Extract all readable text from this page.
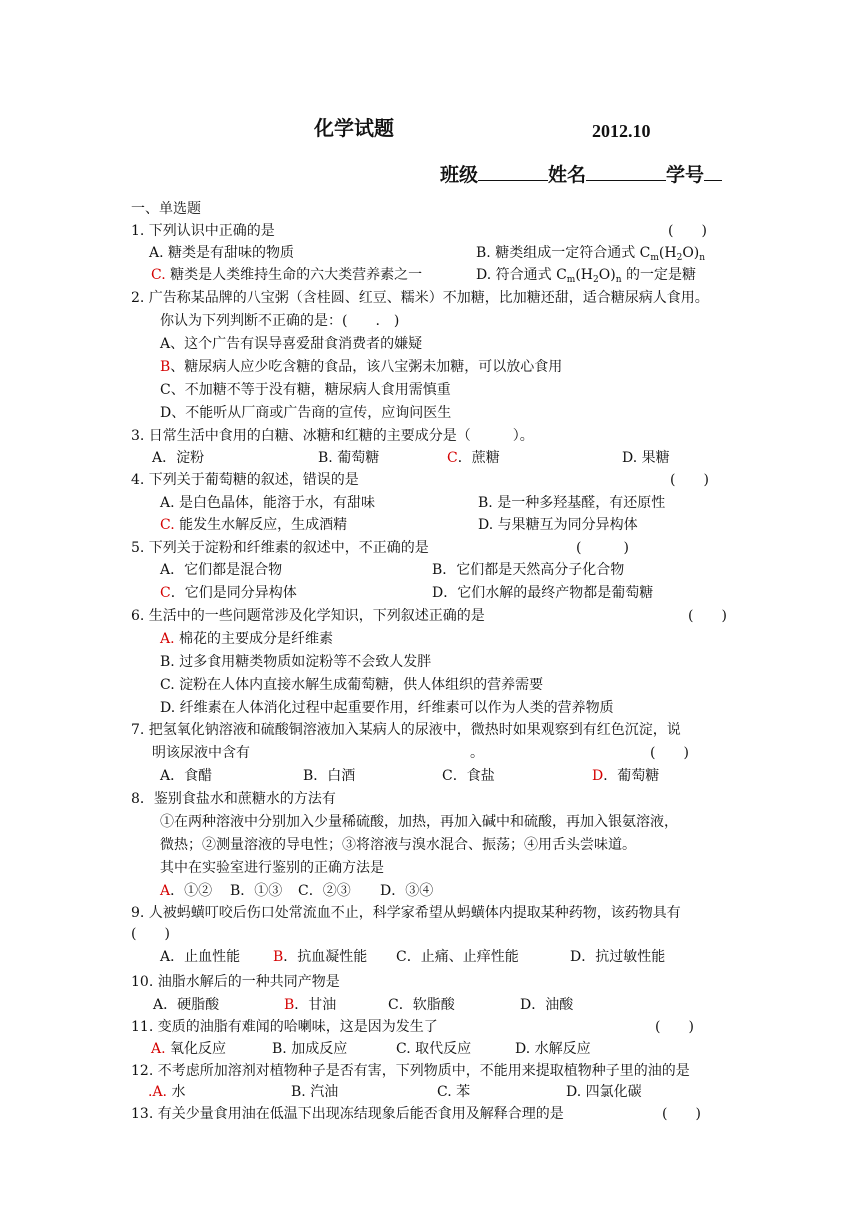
化学试题	2012.10
班级	姓名	学号
一、单选题
1. 下列认识中正确的是	(　　)
A. 糖类是有甜味的物质	B. 糖类组成一定符合通式 $C_m(H_2O)_n$
C. 糖类是人类维持生命的六大类营养素之一	D. 符合通式 $C_m(H_2O)_n$ 的一定是糖
2. 广告称某品牌的八宝粥（含桂圆、红豆、糯米）不加糖，比加糖还甜，适合糖尿病人食用。
你认为下列判断不正确的是：(　　.　)
A、这个广告有误导喜爱甜食消费者的嫌疑
B、糖尿病人应少吃含糖的食品，该八宝粥未加糖，可以放心食用
C、不加糖不等于没有糖，糖尿病人食用需慎重
D、不能听从厂商或广告商的宣传，应询问医生
3. 日常生活中食用的白糖、冰糖和红糖的主要成分是（　　　）。
A．淀粉	B. 葡萄糖	C．蔗糖	D. 果糖
4. 下列关于葡萄糖的叙述，错误的是	(　　)
A. 是白色晶体，能溶于水，有甜味	B. 是一种多羟基醛，有还原性
C. 能发生水解反应，生成酒精	D. 与果糖互为同分异构体
5. 下列关于淀粉和纤维素的叙述中，不正确的是	(　　　)
A．它们都是混合物	B．它们都是天然高分子化合物
C．它们是同分异构体	D．它们水解的最终产物都是葡萄糖
6. 生活中的一些问题常涉及化学知识，下列叙述正确的是	(　　)
A. 棉花的主要成分是纤维素
B. 过多食用糖类物质如淀粉等不会致人发胖
C. 淀粉在人体内直接水解生成葡萄糖，供人体组织的营养需要
D. 纤维素在人体消化过程中起重要作用，纤维素可以作为人类的营养物质
7. 把氢氧化钠溶液和硫酸铜溶液加入某病人的尿液中，微热时如果观察到有红色沉淀，说
明该尿液中含有	。	(　　)
A．食醋	B．白酒	C．食盐	D．葡萄糖
8．鉴别食盐水和蔗糖水的方法有
①在两种溶液中分别加入少量稀硫酸，加热，再加入碱中和硫酸，再加入银氨溶液，
微热；②测量溶液的导电性；③将溶液与溴水混合、振荡；④用舌头尝味道。
其中在实验室进行鉴别的正确方法是
A．①② B．①③ C．②③ D．③④
9. 人被蚂蟥叮咬后伤口处常流血不止，科学家希望从蚂蟥体内提取某种药物，该药物具有
(　　)
A．止血性能 B．抗血凝性能 C．止痛、止痒性能	D．抗过敏性能
10. 油脂水解后的一种共同产物是
A．硬脂酸	B．甘油	C．软脂酸	D．油酸
11. 变质的油脂有难闻的哈喇味，这是因为发生了	(　　)
A. 氧化反应	B. 加成反应	C. 取代反应	D. 水解反应
12. 不考虑所加溶剂对植物种子是否有害，下列物质中，不能用来提取植物种子里的油的是
.A. 水	B. 汽油	C. 苯	D. 四氯化碳
13. 有关少量食用油在低温下出现冻结现象后能否食用及解释合理的是	(　　)
